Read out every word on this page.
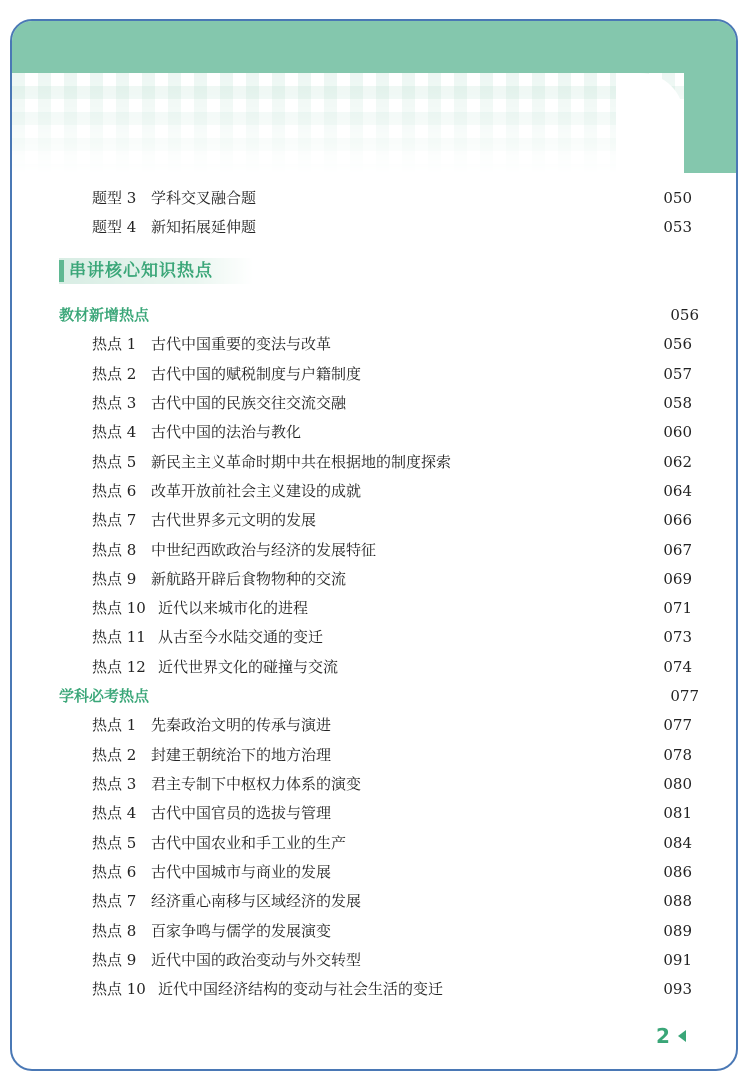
题型 3 学科交叉融合题	050
题型 4 新知拓展延伸题	053
串讲核心知识热点
教材新增热点	056
热点 1 古代中国重要的变法与改革	056
热点 2 古代中国的赋税制度与户籍制度	057
热点 3 古代中国的民族交往交流交融	058
热点 4 古代中国的法治与教化	060
热点 5 新民主主义革命时期中共在根据地的制度探索	062
热点 6 改革开放前社会主义建设的成就	064
热点 7 古代世界多元文明的发展	066
热点 8 中世纪西欧政治与经济的发展特征	067
热点 9 新航路开辟后食物物种的交流	069
热点 10 近代以来城市化的进程	071
热点 11 从古至今水陆交通的变迁	073
热点 12 近代世界文化的碰撞与交流	074
学科必考热点	077
热点 1 先秦政治文明的传承与演进	077
热点 2 封建王朝统治下的地方治理	078
热点 3 君主专制下中枢权力体系的演变	080
热点 4 古代中国官员的选拔与管理	081
热点 5 古代中国农业和手工业的生产	084
热点 6 古代中国城市与商业的发展	086
热点 7 经济重心南移与区域经济的发展	088
热点 8 百家争鸣与儒学的发展演变	089
热点 9 近代中国的政治变动与外交转型	091
热点 10 近代中国经济结构的变动与社会生活的变迁	093
2
